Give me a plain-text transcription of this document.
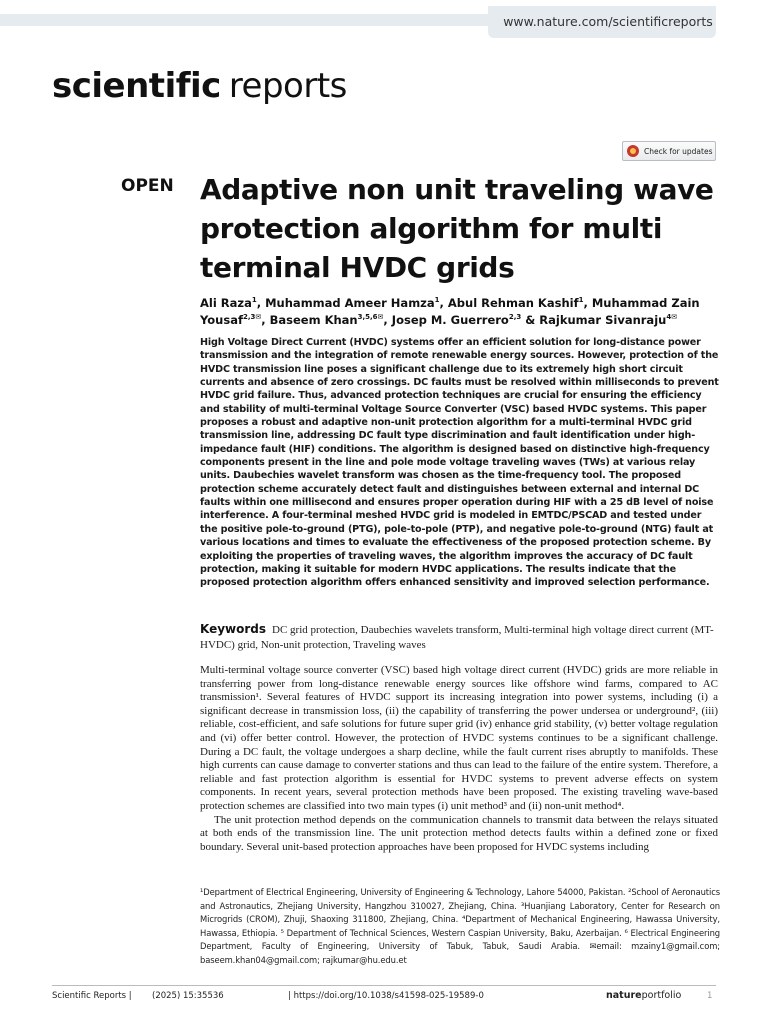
www.nature.com/scientificreports
scientific reports
Check for updates
OPEN Adaptive non unit traveling wave protection algorithm for multi terminal HVDC grids
Ali Raza$^1$, Muhammad Ameer Hamza$^1$, Abul Rehman Kashif$^1$, Muhammad Zain Yousaf$^{2,3✉}$, Baseem Khan$^{3,5,6✉}$, Josep M. Guerrero$^{2,3}$ & Rajkumar Sivanraju$^{4✉}$

High Voltage Direct Current (HVDC) systems offer an efficient solution for long-distance power transmission and the integration of remote renewable energy sources. However, protection of the HVDC transmission line poses a significant challenge due to its extremely high short circuit currents and absence of zero crossings. DC faults must be resolved within milliseconds to prevent HVDC grid failure. Thus, advanced protection techniques are crucial for ensuring the efficiency and stability of multi-terminal Voltage Source Converter (VSC) based HVDC systems. This paper proposes a robust and adaptive non-unit protection algorithm for a multi-terminal HVDC grid transmission line, addressing DC fault type discrimination and fault identification under high-impedance fault (HIF) conditions. The algorithm is designed based on distinctive high-frequency components present in the line and pole mode voltage traveling waves (TWs) at various relay units. Daubechies wavelet transform was chosen as the time-frequency tool. The proposed protection scheme accurately detect fault and distinguishes between external and internal DC faults within one millisecond and ensures proper operation during HIF with a 25 dB level of noise interference. A four-terminal meshed HVDC grid is modeled in EMTDC/PSCAD and tested under the positive pole-to-ground (PTG), pole-to-pole (PTP), and negative pole-to-ground (NTG) fault at various locations and times to evaluate the effectiveness of the proposed protection scheme. By exploiting the properties of traveling waves, the algorithm improves the accuracy of DC fault protection, making it suitable for modern HVDC applications. The results indicate that the proposed protection algorithm offers enhanced sensitivity and improved selection performance.

Keywords DC grid protection, Daubechies wavelets transform, Multi-terminal high voltage direct current (MT-HVDC) grid, Non-unit protection, Traveling waves

Multi-terminal voltage source converter (VSC) based high voltage direct current (HVDC) grids are more reliable in transferring power from long-distance renewable energy sources like offshore wind farms, compared to AC transmission¹. Several features of HVDC support its increasing integration into power systems, including (i) a significant decrease in transmission loss, (ii) the capability of transferring the power undersea or underground², (iii) reliable, cost-efficient, and safe solutions for future super grid (iv) enhance grid stability, (v) better voltage regulation and (vi) offer better control. However, the protection of HVDC systems continues to be a significant challenge. During a DC fault, the voltage undergoes a sharp decline, while the fault current rises abruptly to manifolds. These high currents can cause damage to converter stations and thus can lead to the failure of the entire system. Therefore, a reliable and fast protection algorithm is essential for HVDC systems to prevent adverse effects on system components. In recent years, several protection methods have been proposed. The existing traveling wave-based protection schemes are classified into two main types (i) unit method³ and (ii) non-unit method⁴.

The unit protection method depends on the communication channels to transmit data between the relays situated at both ends of the transmission line. The unit protection method detects faults within a defined zone or fixed boundary. Several unit-based protection approaches have been proposed for HVDC systems including

¹Department of Electrical Engineering, University of Engineering & Technology, Lahore 54000, Pakistan. ²School of Aeronautics and Astronautics, Zhejiang University, Hangzhou 310027, Zhejiang, China. ³Huanjiang Laboratory, Center for Research on Microgrids (CROM), Zhuji, Shaoxing 311800, Zhejiang, China. ⁴Department of Mechanical Engineering, Hawassa University, Hawassa, Ethiopia. ⁵ Department of Technical Sciences, Western Caspian University, Baku, Azerbaijan. ⁶ Electrical Engineering Department, Faculty of Engineering, University of Tabuk, Tabuk, Saudi Arabia. ✉email: mzainy1@gmail.com; baseem.khan04@gmail.com; rajkumar@hu.edu.et

Scientific Reports | (2025) 15:35536	| https://doi.org/10.1038/s41598-025-19589-0	natureportfolio	1
